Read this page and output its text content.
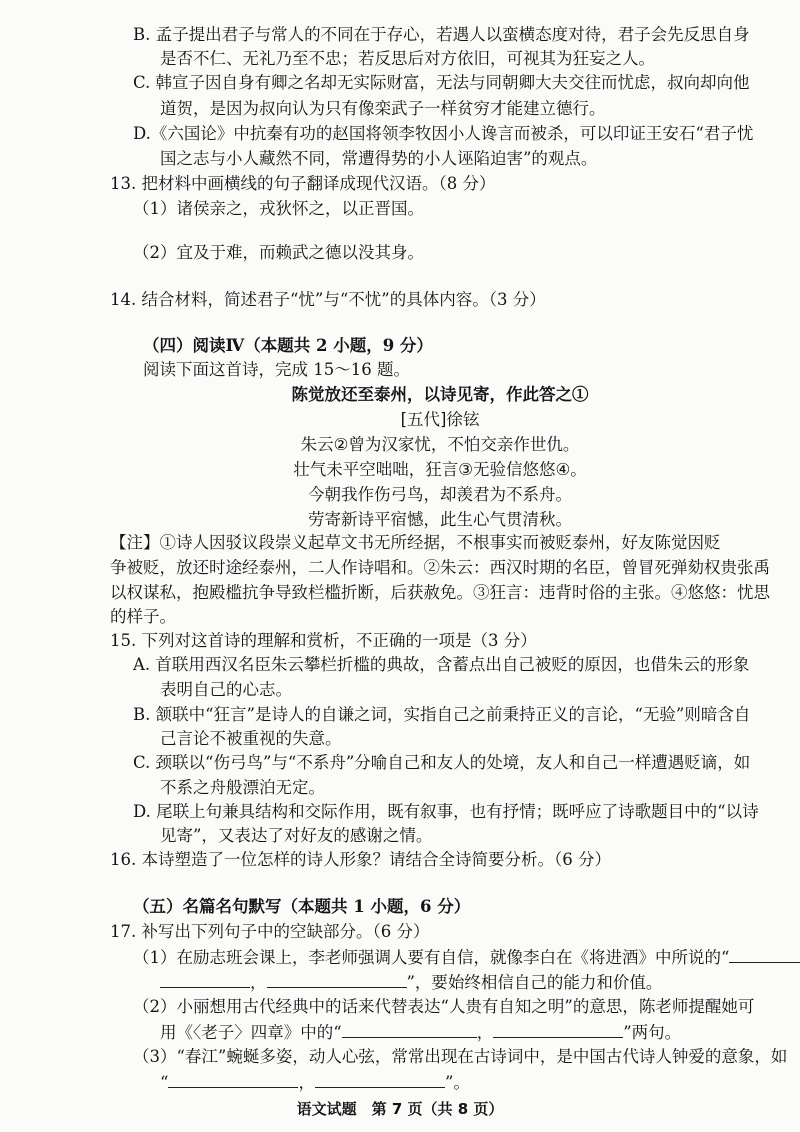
B. 孟子提出君子与常人的不同在于存心，若遇人以蛮横态度对待，君子会先反思自身
是否不仁、无礼乃至不忠；若反思后对方依旧，可视其为狂妄之人。
C. 韩宣子因自身有卿之名却无实际财富，无法与同朝卿大夫交往而忧虑，叔向却向他
道贺，是因为叔向认为只有像栾武子一样贫穷才能建立德行。
D.《六国论》中抗秦有功的赵国将领李牧因小人谗言而被杀，可以印证王安石“君子忧
国之志与小人藏然不同，常遭得势的小人诬陷迫害”的观点。
13. 把材料中画横线的句子翻译成现代汉语。（8 分）
（1）诸侯亲之，戎狄怀之，以正晋国。
（2）宜及于难，而赖武之德以没其身。
14. 结合材料，简述君子“忧”与“不忧”的具体内容。（3 分）
（四）阅读Ⅳ（本题共 2 小题，9 分）
阅读下面这首诗，完成 15～16 题。
陈觉放还至泰州，以诗见寄，作此答之①
[五代]徐铉
朱云②曾为汉家忧，不怕交亲作世仇。
壮气未平空咄咄，狂言③无验信悠悠④。
今朝我作伤弓鸟，却羡君为不系舟。
劳寄新诗平宿憾，此生心气贯清秋。
【注】①诗人因驳议段崇义起草文书无所经据，不根事实而被贬泰州，好友陈觉因贬
争被贬，放还时途经泰州，二人作诗唱和。②朱云：西汉时期的名臣，曾冒死弹劾权贵张禹
以权谋私，抱殿槛抗争导致栏槛折断，后获赦免。③狂言：违背时俗的主张。④悠悠：忧思
的样子。
15. 下列对这首诗的理解和赏析，不正确的一项是（3 分）
A. 首联用西汉名臣朱云攀栏折槛的典故，含蓄点出自己被贬的原因，也借朱云的形象
表明自己的心志。
B. 颔联中“狂言”是诗人的自谦之词，实指自己之前秉持正义的言论，“无验”则暗含自
己言论不被重视的失意。
C. 颈联以“伤弓鸟”与“不系舟”分喻自己和友人的处境，友人和自己一样遭遇贬谪，如
不系之舟般漂泊无定。
D. 尾联上句兼具结构和交际作用，既有叙事，也有抒情；既呼应了诗歌题目中的“以诗
见寄”，又表达了对好友的感谢之情。
16. 本诗塑造了一位怎样的诗人形象？请结合全诗简要分析。（6 分）
（五）名篇名句默写（本题共 1 小题，6 分）
17. 补写出下列句子中的空缺部分。（6 分）
（1）在励志班会课上，李老师强调人要有自信，就像李白在《将进酒》中所说的“
，	”，要始终相信自己的能力和价值。
（2）小丽想用古代经典中的话来代替表达“人贵有自知之明”的意思，陈老师提醒她可
用《〈老子〉四章》中的“	，	”两句。
（3）“春江”蜿蜒多姿，动人心弦，常常出现在古诗词中，是中国古代诗人钟爱的意象，如
“	，	”。
语文试题　第 7 页（共 8 页）
